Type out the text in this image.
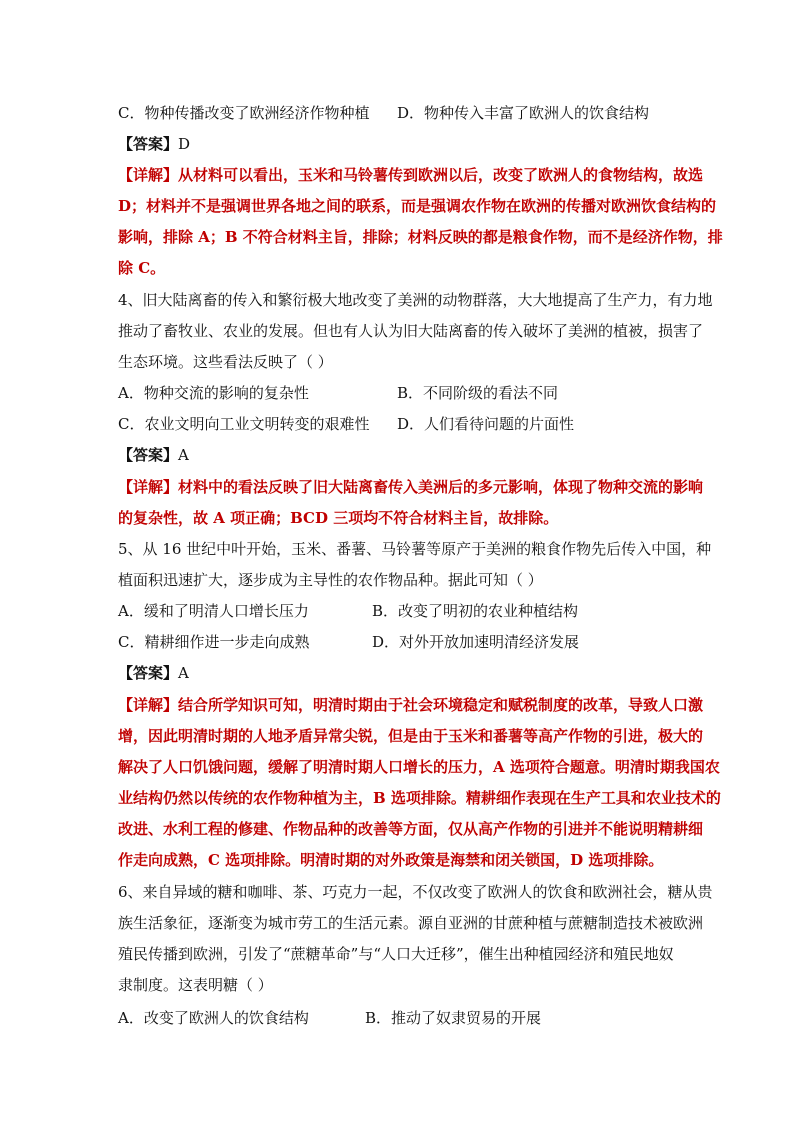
C．物种传播改变了欧洲经济作物种植 D．物种传入丰富了欧洲人的饮食结构
【答案】D
【详解】从材料可以看出，玉米和马铃薯传到欧洲以后，改变了欧洲人的食物结构，故选
D；材料并不是强调世界各地之间的联系，而是强调农作物在欧洲的传播对欧洲饮食结构的
影响，排除 A；B 不符合材料主旨，排除；材料反映的都是粮食作物，而不是经济作物，排
除 C。
4、旧大陆离畜的传入和繁衍极大地改变了美洲的动物群落，大大地提高了生产力，有力地
推动了畜牧业、农业的发展。但也有人认为旧大陆离畜的传入破坏了美洲的植被，损害了
生态环境。这些看法反映了（ ）
A．物种交流的影响的复杂性	B．不同阶级的看法不同
C．农业文明向工业文明转变的艰难性 D．人们看待问题的片面性
【答案】A
【详解】材料中的看法反映了旧大陆离畜传入美洲后的多元影响，体现了物种交流的影响
的复杂性，故 A 项正确；BCD 三项均不符合材料主旨，故排除。
5、从 16 世纪中叶开始，玉米、番薯、马铃薯等原产于美洲的粮食作物先后传入中国，种
植面积迅速扩大，逐步成为主导性的农作物品种。据此可知（ ）
A．缓和了明清人口增长压力	B．改变了明初的农业种植结构
C．精耕细作进一步走向成熟	D．对外开放加速明清经济发展
【答案】A
【详解】结合所学知识可知，明清时期由于社会环境稳定和赋税制度的改革，导致人口激
增，因此明清时期的人地矛盾异常尖锐，但是由于玉米和番薯等高产作物的引进，极大的
解决了人口饥饿问题，缓解了明清时期人口增长的压力，A 选项符合题意。明清时期我国农
业结构仍然以传统的农作物种植为主，B 选项排除。精耕细作表现在生产工具和农业技术的
改进、水利工程的修建、作物品种的改善等方面，仅从高产作物的引进并不能说明精耕细
作走向成熟，C 选项排除。明清时期的对外政策是海禁和闭关锁国，D 选项排除。
6、来自异域的糖和咖啡、茶、巧克力一起，不仅改变了欧洲人的饮食和欧洲社会，糖从贵
族生活象征，逐渐变为城市劳工的生活元素。源自亚洲的甘蔗种植与蔗糖制造技术被欧洲
殖民传播到欧洲，引发了“蔗糖革命”与“人口大迁移”，催生出种植园经济和殖民地奴
隶制度。这表明糖（ ）
A．改变了欧洲人的饮食结构	B．推动了奴隶贸易的开展
